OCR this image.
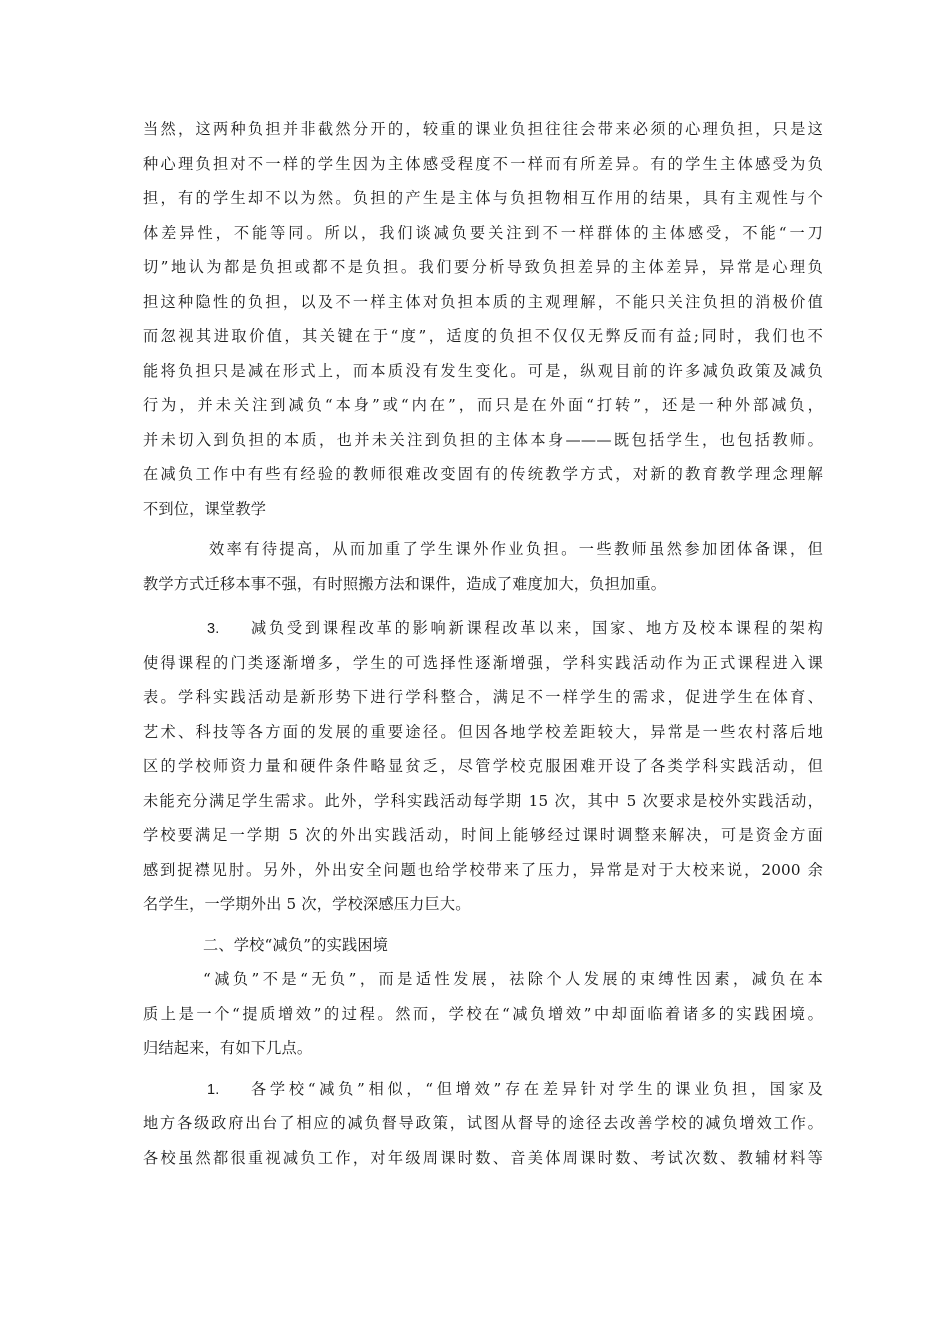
当然，这两种负担并非截然分开的，较重的课业负担往往会带来必须的心理负担，只是这
种心理负担对不一样的学生因为主体感受程度不一样而有所差异。有的学生主体感受为负
担，有的学生却不以为然。负担的产生是主体与负担物相互作用的结果，具有主观性与个
体差异性，不能等同。所以，我们谈减负要关注到不一样群体的主体感受，不能“一刀
切”地认为都是负担或都不是负担。我们要分析导致负担差异的主体差异，异常是心理负
担这种隐性的负担，以及不一样主体对负担本质的主观理解，不能只关注负担的消极价值
而忽视其进取价值，其关键在于“度”，适度的负担不仅仅无弊反而有益;同时，我们也不
能将负担只是减在形式上，而本质没有发生变化。可是，纵观目前的许多减负政策及减负
行为，并未关注到减负“本身”或“内在”，而只是在外面“打转”，还是一种外部减负，
并未切入到负担的本质，也并未关注到负担的主体本身———既包括学生，也包括教师。
在减负工作中有些有经验的教师很难改变固有的传统教学方式，对新的教育教学理念理解
不到位，课堂教学
效率有待提高，从而加重了学生课外作业负担。一些教师虽然参加团体备课，但
教学方式迁移本事不强，有时照搬方法和课件，造成了难度加大，负担加重。
3.	减负受到课程改革的影响新课程改革以来，国家、地方及校本课程的架构
使得课程的门类逐渐增多，学生的可选择性逐渐增强，学科实践活动作为正式课程进入课
表。学科实践活动是新形势下进行学科整合，满足不一样学生的需求，促进学生在体育、
艺术、科技等各方面的发展的重要途径。但因各地学校差距较大，异常是一些农村落后地
区的学校师资力量和硬件条件略显贫乏，尽管学校克服困难开设了各类学科实践活动，但
未能充分满足学生需求。此外，学科实践活动每学期 15 次，其中 5 次要求是校外实践活动，
学校要满足一学期 5 次的外出实践活动，时间上能够经过课时调整来解决，可是资金方面
感到捉襟见肘。另外，外出安全问题也给学校带来了压力，异常是对于大校来说，2000 余
名学生，一学期外出 5 次，学校深感压力巨大。
二、学校“减负”的实践困境
“减负”不是“无负”，而是适性发展，祛除个人发展的束缚性因素，减负在本
质上是一个“提质增效”的过程。然而，学校在“减负增效”中却面临着诸多的实践困境。
归结起来，有如下几点。
1.	各学校“减负”相似，“但增效”存在差异针对学生的课业负担，国家及
地方各级政府出台了相应的减负督导政策，试图从督导的途径去改善学校的减负增效工作。
各校虽然都很重视减负工作，对年级周课时数、音美体周课时数、考试次数、教辅材料等
